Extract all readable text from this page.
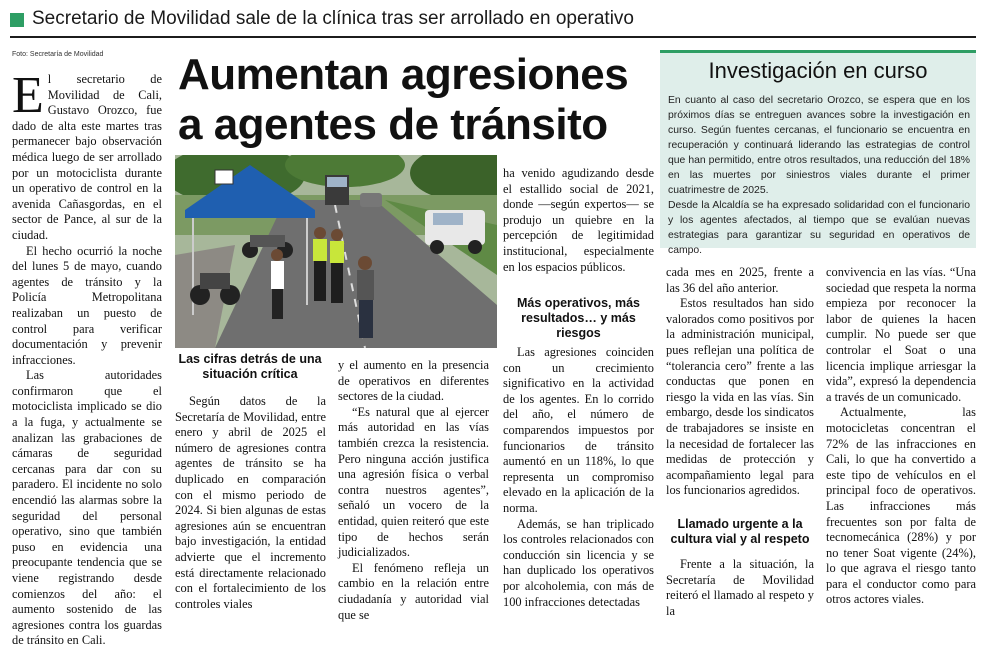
Secretario de Movilidad sale de la clínica tras ser arrollado en operativo
Foto: Secretaría de Movilidad

El secretario de Movilidad de Cali, Gustavo Orozco, fue dado de alta este martes tras permanecer bajo observación médica luego de ser arrollado por un motociclista durante un operativo de control en la avenida Cañasgordas, en el sector de Pance, al sur de la ciudad.

El hecho ocurrió la noche del lunes 5 de mayo, cuando agentes de tránsito y la Policía Metropolitana realizaban un puesto de control para verificar documentación y prevenir infracciones.

Las autoridades confirmaron que el motociclista implicado se dio a la fuga, y actualmente se analizan las grabaciones de cámaras de seguridad cercanas para dar con su paradero. El incidente no solo encendió las alarmas sobre la seguridad del personal operativo, sino que también puso en evidencia una preocupante tendencia que se viene registrando desde comienzos del año: el aumento sostenido de las agresiones contra los guardas de tránsito en Cali.

Aumentan agresiones a agentes de tránsito
Las cifras detrás de una situación crítica

Según datos de la Secretaría de Movilidad, entre enero y abril de 2025 el número de agresiones contra agentes de tránsito se ha duplicado en comparación con el mismo periodo de 2024. Si bien algunas de estas agresiones aún se encuentran bajo investigación, la entidad advierte que el incremento está directamente relacionado con el fortalecimiento de los controles viales

y el aumento en la presencia de operativos en diferentes sectores de la ciudad.

“Es natural que al ejercer más autoridad en las vías también crezca la resistencia. Pero ninguna acción justifica una agresión física o verbal contra nuestros agentes”, señaló un vocero de la entidad, quien reiteró que este tipo de hechos serán judicializados.

El fenómeno refleja un cambio en la relación entre ciudadanía y autoridad vial que se

ha venido agudizando desde el estallido social de 2021, donde —según expertos— se produjo un quiebre en la percepción de legitimidad institucional, especialmente en los espacios públicos.

Más operativos, más resultados… y más riesgos

Las agresiones coinciden con un crecimiento significativo en la actividad de los agentes. En lo corrido del año, el número de comparendos impuestos por funcionarios de tránsito aumentó en un 118%, lo que representa un compromiso elevado en la aplicación de la norma.

Además, se han triplicado los controles relacionados con conducción sin licencia y se han duplicado los operativos por alcoholemia, con más de 100 infracciones detectadas

cada mes en 2025, frente a las 36 del año anterior.

Estos resultados han sido valorados como positivos por la administración municipal, pues reflejan una política de “tolerancia cero” frente a las conductas que ponen en riesgo la vida en las vías. Sin embargo, desde los sindicatos de trabajadores se insiste en la necesidad de fortalecer las medidas de protección y acompañamiento legal para los funcionarios agredidos.

Llamado urgente a la cultura vial y al respeto

Frente a la situación, la Secretaría de Movilidad reiteró el llamado al respeto y la

convivencia en las vías. “Una sociedad que respeta la norma empieza por reconocer la labor de quienes la hacen cumplir. No puede ser que controlar el Soat o una licencia implique arriesgar la vida”, expresó la dependencia a través de un comunicado.

Actualmente, las motocicletas concentran el 72% de las infracciones en Cali, lo que ha convertido a este tipo de vehículos en el principal foco de operativos. Las infracciones más frecuentes son por falta de tecnomecánica (28%) y por no tener Soat vigente (24%), lo que agrava el riesgo tanto para el conductor como para otros actores viales.

Investigación en curso

En cuanto al caso del secretario Orozco, se espera que en los próximos días se entreguen avances sobre la investigación en curso. Según fuentes cercanas, el funcionario se encuentra en recuperación y continuará liderando las estrategias de control que han permitido, entre otros resultados, una reducción del 18% en las muertes por siniestros viales durante el primer cuatrimestre de 2025.

Desde la Alcaldía se ha expresado solidaridad con el funcionario y los agentes afectados, al tiempo que se evalúan nuevas estrategias para garantizar su seguridad en operativos de campo.
